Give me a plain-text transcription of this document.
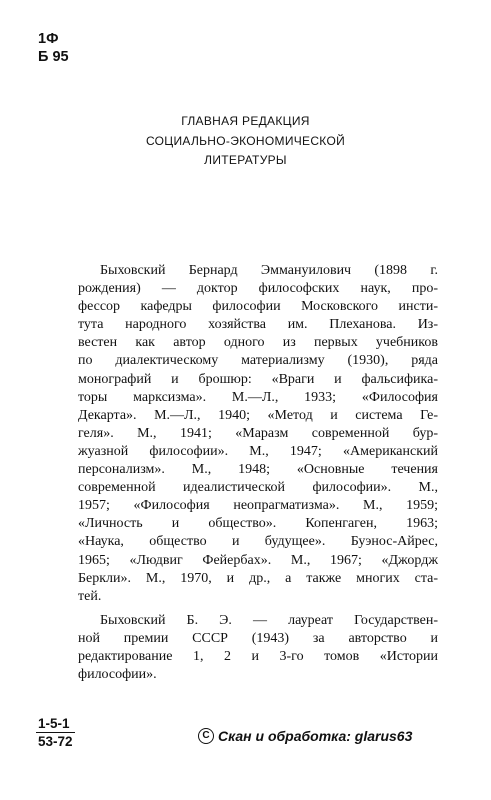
1Ф
Б 95
ГЛАВНАЯ РЕДАКЦИЯ
СОЦИАЛЬНО-ЭКОНОМИЧЕСКОЙ
ЛИТЕРАТУРЫ
Быховский Бернард Эммануилович (1898 г.
рождения) — доктор философских наук, про-
фессор кафедры философии Московского инсти-
тута народного хозяйства им. Плеханова. Из-
вестен как автор одного из первых учебников
по диалектическому материализму (1930), ряда
монографий и брошюр: «Враги и фальсифика-
торы марксизма». М.—Л., 1933; «Философия
Декарта». М.—Л., 1940; «Метод и система Ге-
геля». М., 1941; «Маразм современной бур-
жуазной философии». М., 1947; «Американский
персонализм». М., 1948; «Основные течения
современной идеалистической философии». М.,
1957; «Философия неопрагматизма». М., 1959;
«Личность и общество». Копенгаген, 1963;
«Наука, общество и будущее». Буэнос-Айрес,
1965; «Людвиг Фейербах». М., 1967; «Джордж
Беркли». М., 1970, и др., а также многих ста-
тей.
Быховский Б. Э. — лауреат Государствен-
ной премии СССР (1943) за авторство и
редактирование 1, 2 и 3-го томов «Истории
философии».
$\frac{1-5-1}{53-72}$	C Скан и обработка: glarus63
